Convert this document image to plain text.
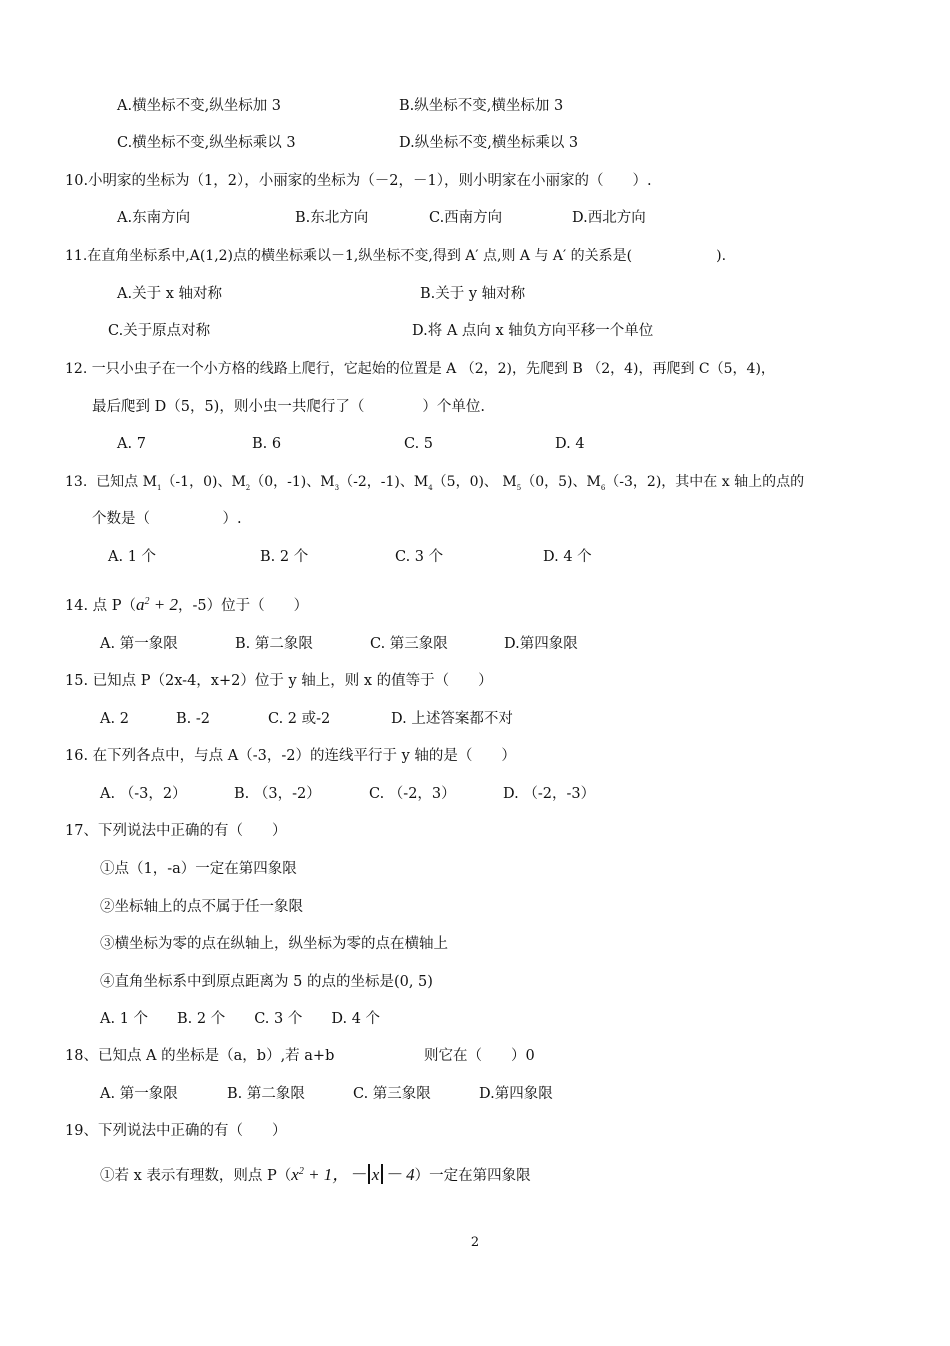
A.横坐标不变,纵坐标加 3	B.纵坐标不变,横坐标加 3
C.横坐标不变,纵坐标乘以 3	D.纵坐标不变,横坐标乘以 3
10.小明家的坐标为（1，2），小丽家的坐标为（－2，－1），则小明家在小丽家的（　　）.
A.东南方向	B.东北方向	C.西南方向	D.西北方向
11.在直角坐标系中,A(1,2)点的横坐标乘以－1,纵坐标不变,得到 A′ 点,则 A 与 A′ 的关系是(　　　　　　).
A.关于 x 轴对称	B.关于 y 轴对称
C.关于原点对称	D.将 A 点向 x 轴负方向平移一个单位
12. 一只小虫子在一个小方格的线路上爬行，它起始的位置是 A （2，2)，先爬到 B （2，4)，再爬到 C（5，4)，
最后爬到 D（5，5)，则小虫一共爬行了（　　　　）个单位.
A. 7	B. 6	C. 5	D. 4
13. 已知点 $M_1(-1$，0)、$M_2(0$，-1)、$M_3(-2$，-1)、$M_4(5$，0)、 $M_5(0$，5)、$M_6(-3$，2)，其中在 x 轴上的点的
个数是（　　　　　）.
A. 1 个	B. 2 个	C. 3 个	D. 4 个
14. 点 $P(a^2 + 2$，-5）位于（　　）
A. 第一象限	B. 第二象限	C. 第三象限	D.第四象限
15. 已知点 P（2x-4，x+2）位于 y 轴上，则 x 的值等于（　　）
A. 2	B. -2	C. 2 或-2	D. 上述答案都不对
16. 在下列各点中，与点 A（-3，-2）的连线平行于 y 轴的是（　　）
A. （-3，2）	B. （3，-2）	C. （-2，3）	D. （-2，-3）
17、下列说法中正确的有（　　）
①点（1，-a）一定在第四象限
②坐标轴上的点不属于任一象限
③横坐标为零的点在纵轴上，纵坐标为零的点在横轴上
④直角坐标系中到原点距离为 5 的点的坐标是(0, 5)
A. 1 个　　B. 2 个　　C. 3 个　　D. 4 个
18、已知点 A 的坐标是（a，b）,若 a+b	则它在（　　）0
A. 第一象限	B. 第二象限	C. 第三象限	D.第四象限
19、下列说法中正确的有（　　）
①若 x 表示有理数，则点 $P(x^2 + 1$，－ x － 4）一定在第四象限
2
